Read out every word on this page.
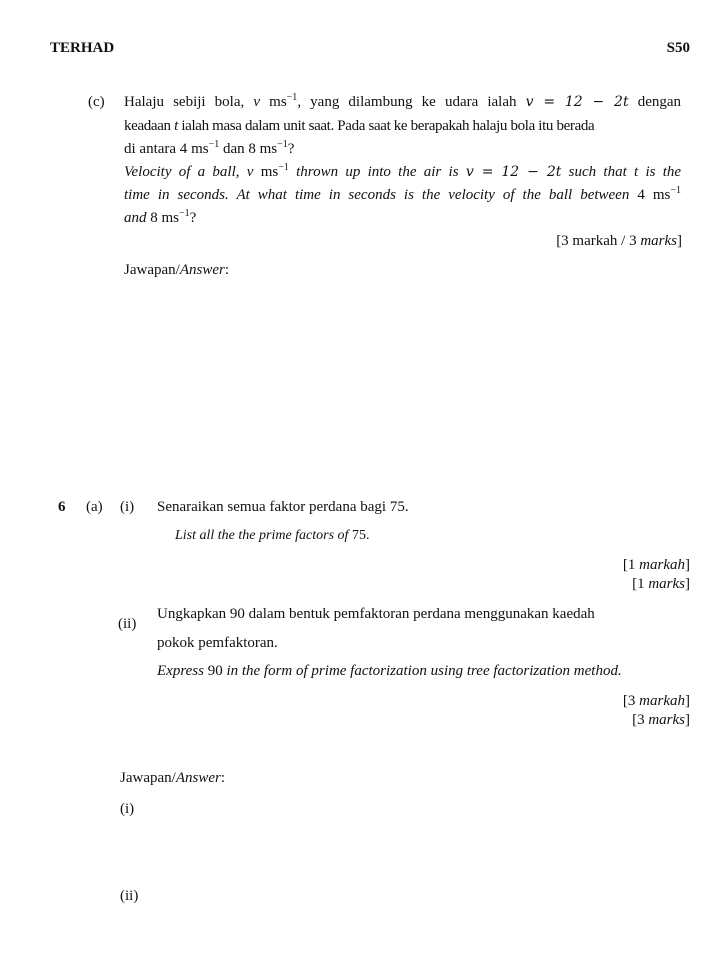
TERHAD	S50
(c) Halaju sebiji bola, v $ms^{-1}$, yang dilambung ke udara ialah v = 12 − 2t dengan
keadaan t ialah masa dalam unit saat. Pada saat ke berapakah halaju bola itu berada
di antara 4 $ms^{-1}$ dan 8 $ms^{-1}$?
Velocity of a ball, v $ms^{-1}$ thrown up into the air is v = 12 − 2t such that t is the
time in seconds. At what time in seconds is the velocity of the ball between 4 $ms^{-1}$
and 8 $ms^{-1}$?
[3 markah / 3 marks]
Jawapan/Answer:
6 (a) (i) Senaraikan semua faktor perdana bagi 75.
List all the the prime factors of 75.
[1 markah]
[1 marks]
(ii)
Ungkapkan 90 dalam bentuk pemfaktoran perdana menggunakan kaedah
pokok pemfaktoran.
Express 90 in the form of prime factorization using tree factorization method.
[3 markah]
[3 marks]
Jawapan/Answer:
(i)
(ii)
